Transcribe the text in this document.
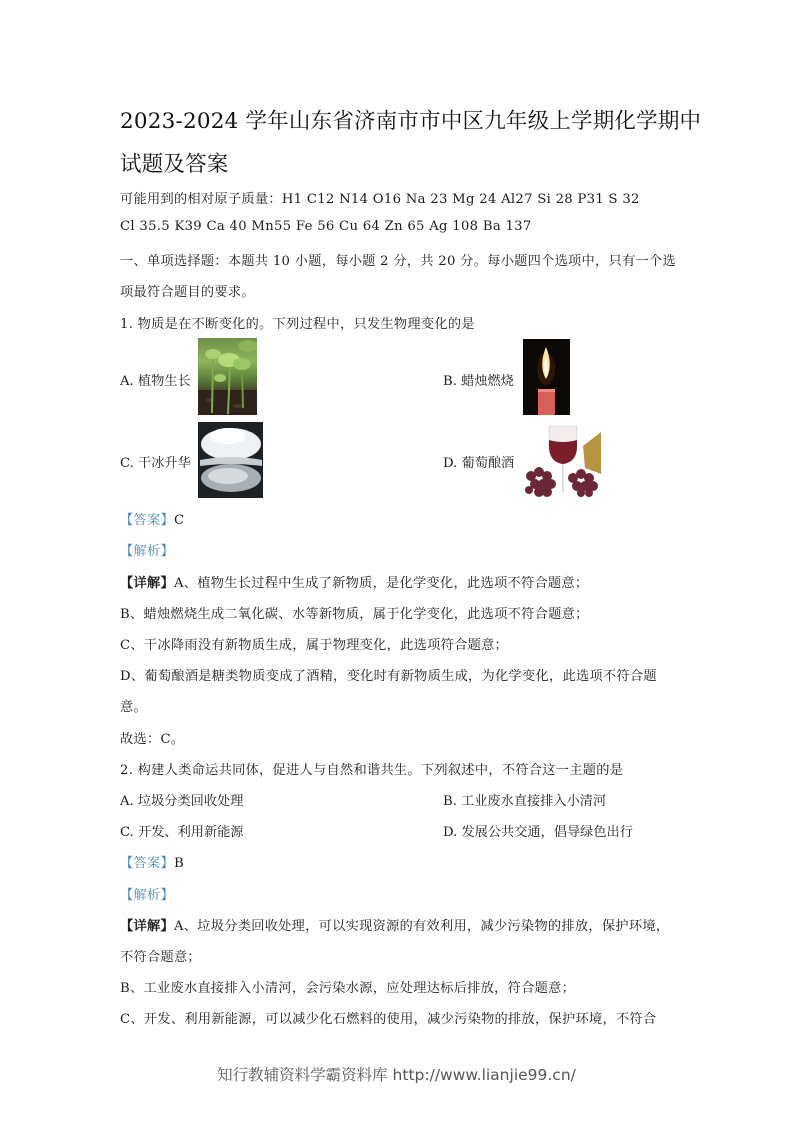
2023-2024 学年山东省济南市市中区九年级上学期化学期中
试题及答案
可能用到的相对原子质量：H1 C12 N14 O16 Na 23 Mg 24 Al27 Si 28 P31 S 32
Cl 35.5 K39 Ca 40 Mn55 Fe 56 Cu 64 Zn 65 Ag 108 Ba 137
一、单项选择题：本题共 10 小题，每小题 2 分，共 20 分。每小题四个选项中，只有一个选
项最符合题目的要求。
1. 物质是在不断变化的。下列过程中，只发生物理变化的是
A. 植物生长	B. 蜡烛燃烧
C. 干冰升华	D. 葡萄酿酒
【答案】C
【解析】
【详解】A、植物生长过程中生成了新物质，是化学变化，此选项不符合题意；
B、蜡烛燃烧生成二氧化碳、水等新物质，属于化学变化，此选项不符合题意；
C、干冰降雨没有新物质生成，属于物理变化，此选项符合题意；
D、葡萄酿酒是糖类物质变成了酒精，变化时有新物质生成，为化学变化，此选项不符合题
意。
故选：C。
2. 构建人类命运共同体，促进人与自然和谐共生。下列叙述中，不符合这一主题的是
A. 垃圾分类回收处理	B. 工业废水直接排入小清河
C. 开发、利用新能源	D. 发展公共交通，倡导绿色出行
【答案】B
【解析】
【详解】A、垃圾分类回收处理，可以实现资源的有效利用，减少污染物的排放，保护环境，
不符合题意；
B、工业废水直接排入小清河，会污染水源，应处理达标后排放，符合题意；
C、开发、利用新能源，可以减少化石燃料的使用，减少污染物的排放，保护环境，不符合
知行教辅资料学霸资料库 http://www.lianjie99.cn/
